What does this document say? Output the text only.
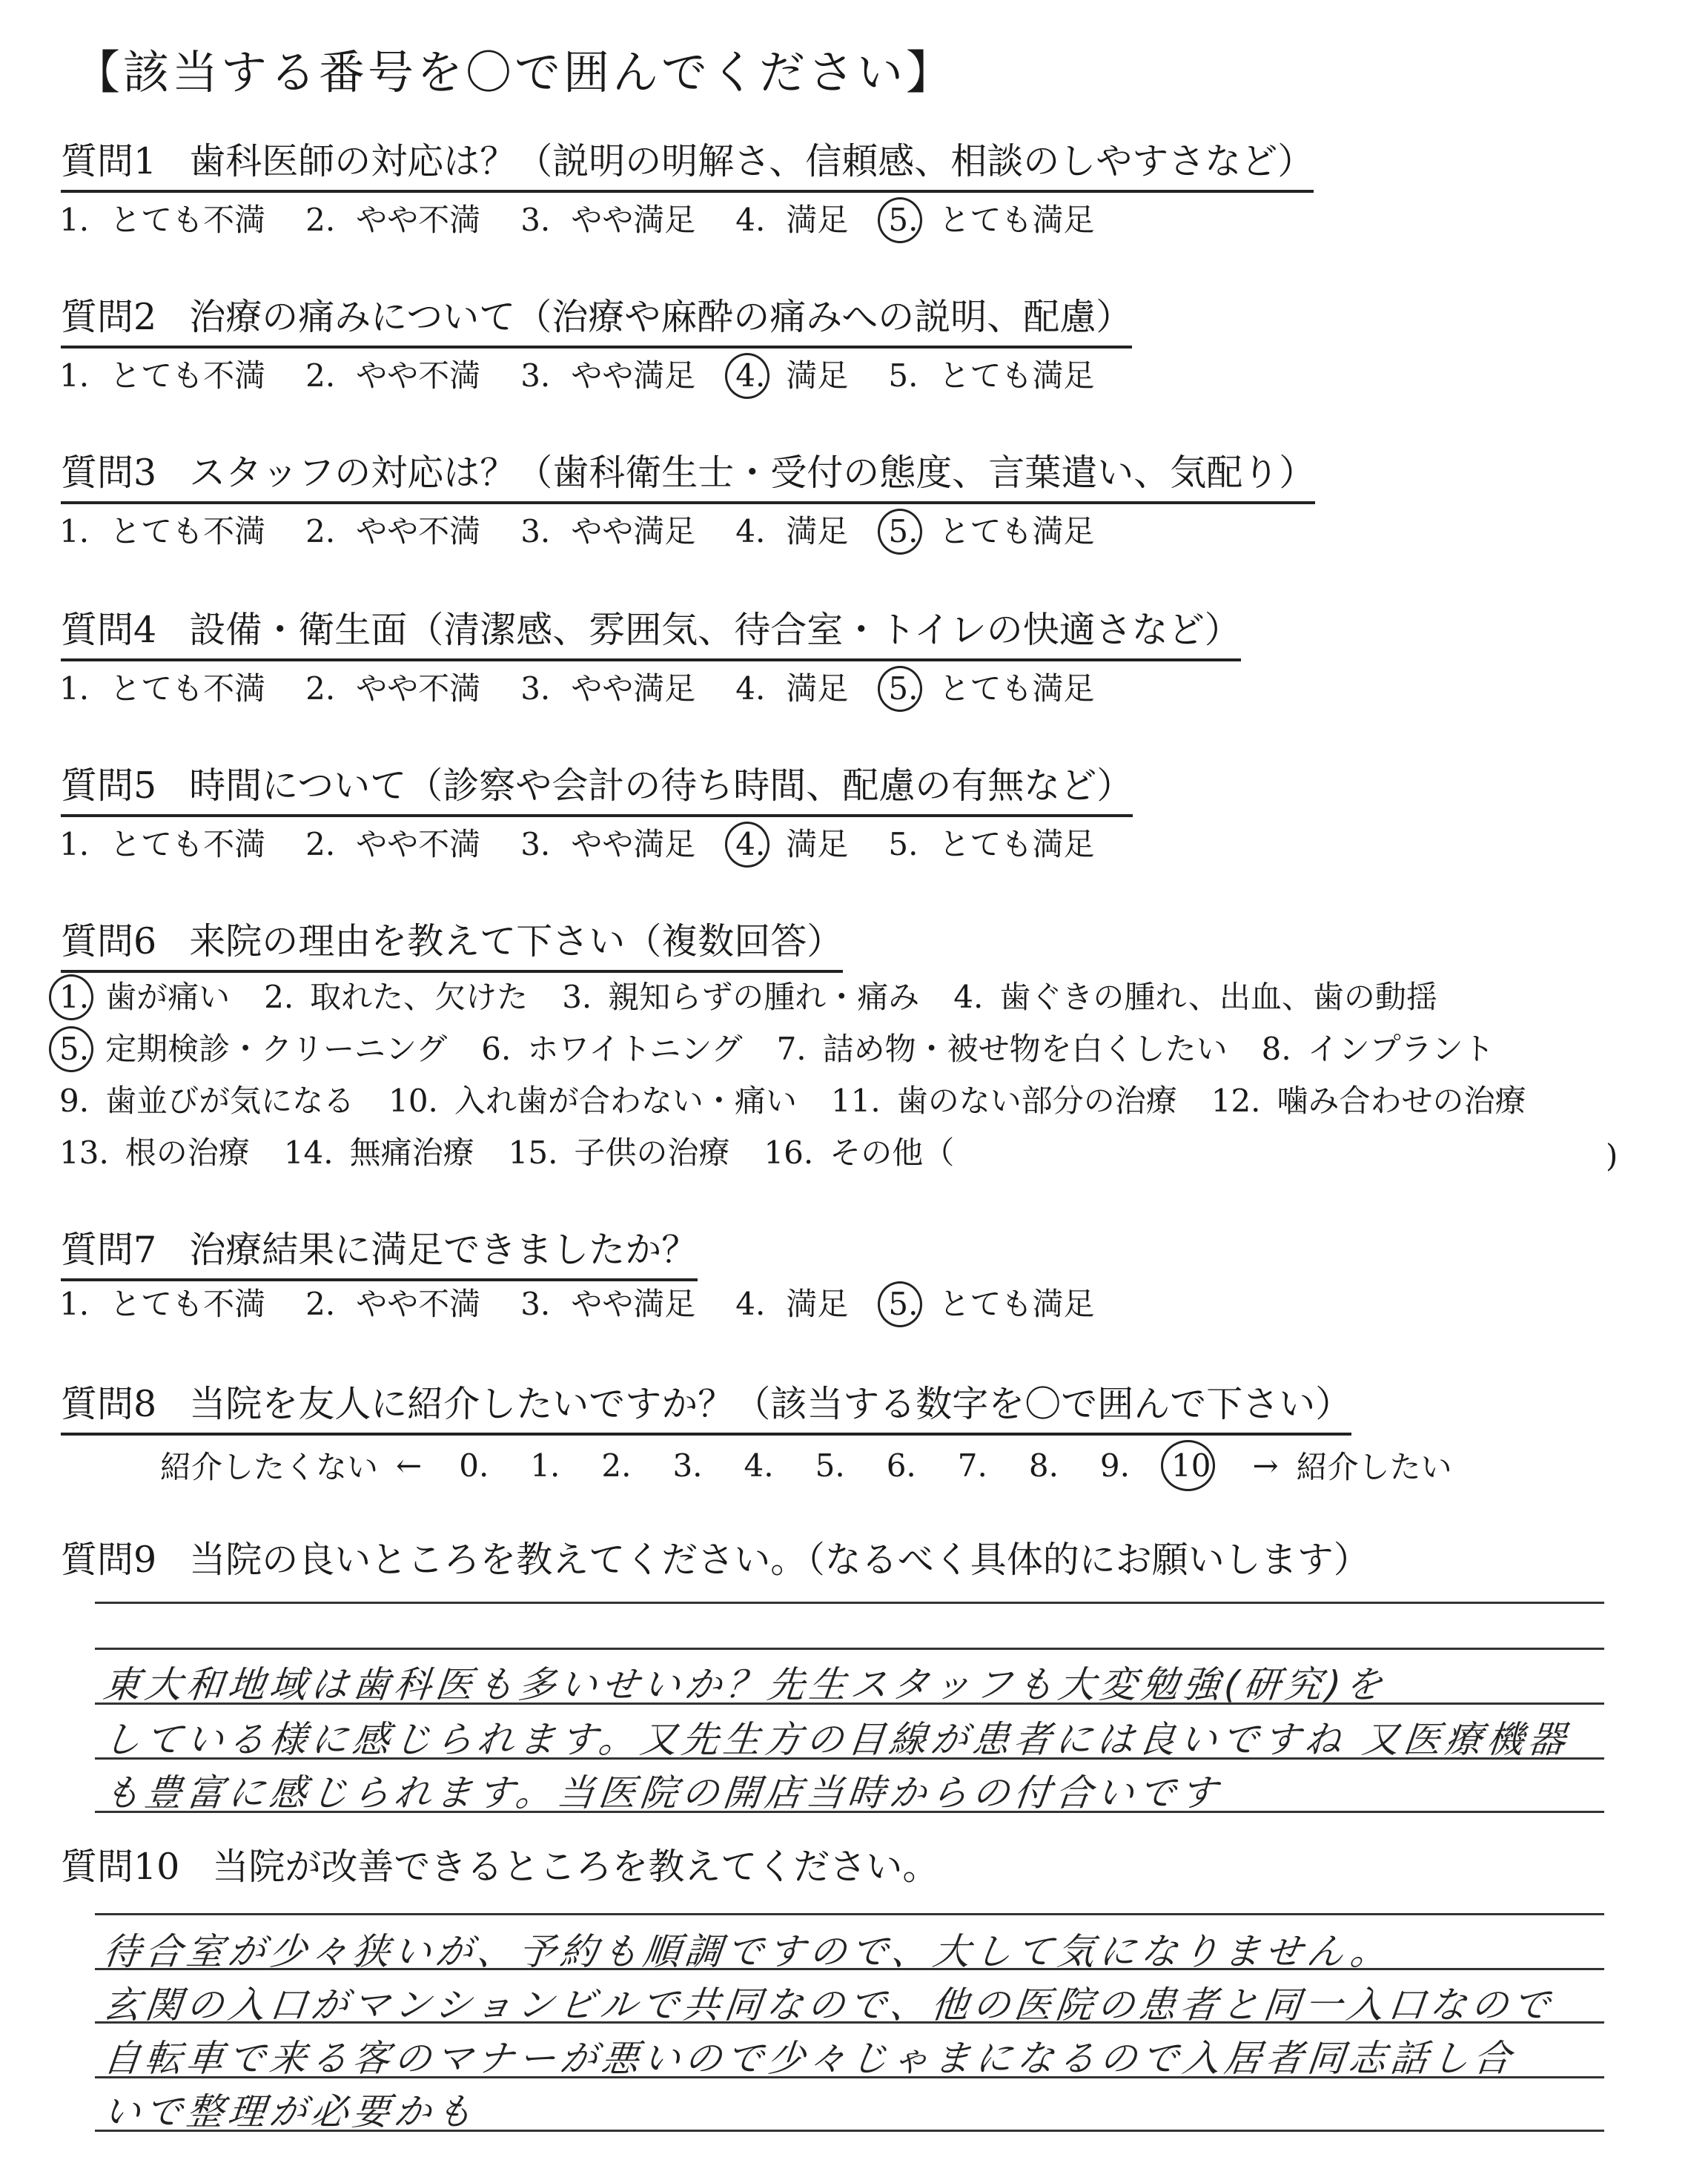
【該当する番号を〇で囲んでください】
質問1 歯科医師の対応は？（説明の明解さ、信頼感、相談のしやすさなど）
1. とても不満 2. やや不満 3. やや満足 4. 満足 5. とても満足
質問2 治療の痛みについて（治療や麻酔の痛みへの説明、配慮）
1. とても不満 2. やや不満 3. やや満足 4. 満足 5. とても満足
質問3 スタッフの対応は？（歯科衛生士・受付の態度、言葉遣い、気配り）
1. とても不満 2. やや不満 3. やや満足 4. 満足 5. とても満足
質問4 設備・衛生面（清潔感、雰囲気、待合室・トイレの快適さなど）
1. とても不満 2. やや不満 3. やや満足 4. 満足 5. とても満足
質問5 時間について（診察や会計の待ち時間、配慮の有無など）
1. とても不満 2. やや不満 3. やや満足 4. 満足 5. とても満足
質問6 来院の理由を教えて下さい（複数回答）
1. 歯が痛い 2. 取れた、欠けた 3. 親知らずの腫れ・痛み 4. 歯ぐきの腫れ、出血、歯の動揺
5. 定期検診・クリーニング 6. ホワイトニング 7. 詰め物・被せ物を白くしたい 8. インプラント
9. 歯並びが気になる 10. 入れ歯が合わない・痛い 11. 歯のない部分の治療 12. 噛み合わせの治療
13. 根の治療 14. 無痛治療 15. 子供の治療 16. その他（	)
質問7 治療結果に満足できましたか？
1. とても不満 2. やや不満 3. やや満足 4. 満足 5. とても満足
質問8 当院を友人に紹介したいですか？（該当する数字を〇で囲んで下さい）
紹介したくない ← 0. 1. 2. 3. 4. 5. 6. 7. 8. 9. 10 → 紹介したい
質問9 当院の良いところを教えてください。（なるべく具体的にお願いします）
東大和地域は歯科医も多いせいか？先生スタッフも大変勉強(研究)を
している様に感じられます。又先生方の目線が患者には良いですね 又医療機器
も豊富に感じられます。当医院の開店当時からの付合いです
質問10 当院が改善できるところを教えてください。
待合室が少々狭いが、予約も順調ですので、大して気になりません。
玄関の入口がマンションビルで共同なので、他の医院の患者と同一入口なので
自転車で来る客のマナーが悪いので少々じゃまになるので入居者同志話し合
いで整理が必要かも
